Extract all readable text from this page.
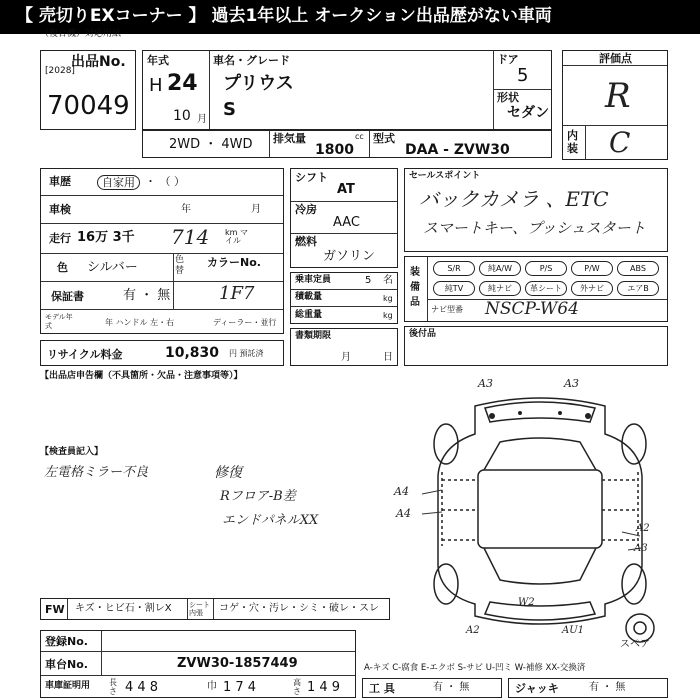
【 売切りEXコーナー 】 過去1年以上 オークション出品歴がない車両
（複合機）対応用紙
出品No.
[2028]
70049
年式
H 24
10 月
車名・グレード
プリウス
S
ドア
5
形状
セダン
評価点
R
内装 C
2WD ・ 4WD 排気量	cc
1800
型式
DAA - ZVW30
車歴	自家用 ・ （ ）
車検	年	月
走行 16万 3千 714 km マイル
色 シルバー	色替
カラーNo.
1F7
保証書	有 ・ 無
モデル年式	年 ハンドル 左・右	ディーラー・並行
リサイクル料金	10,830 円 預託済
シフト
AT
冷房
AAC
燃料
ガソリン
乗車定員	5 名
積載量	kg
総重量	kg
書類期限
月	日
セールスポイント
バックカメラ 、ETC
スマートキー、プッシュスタート
装備品
S/R	純A/W	P/S	P/W	ABS
純TV	純ナビ	革シート	外ナビ	エアB
ナビ型番 NSCP-W64
後付品
【出品店申告欄（不具箇所・欠品・注意事項等）】
【検査員記入】
左電格ミラー不良	修復
Rフロア-B差
エンドパネルXX
A3	A3
A4
A4
A2
A3
W2
A2	AU1
スペア
FW キズ・ヒビ石・割レX シート内張	コゲ・穴・汚レ・シミ・破レ・スレ
登録No.
車台No.	ZVW30-1857449
車庫証明用 長さ 4 4 8	巾 1 7 4	高さ 1 4 9
A-キズ C-腐食 E-エクボ S-サビ U-凹ミ W-補修 XX-交換済
工 具	有 ・ 無	ジャッキ	有 ・ 無
